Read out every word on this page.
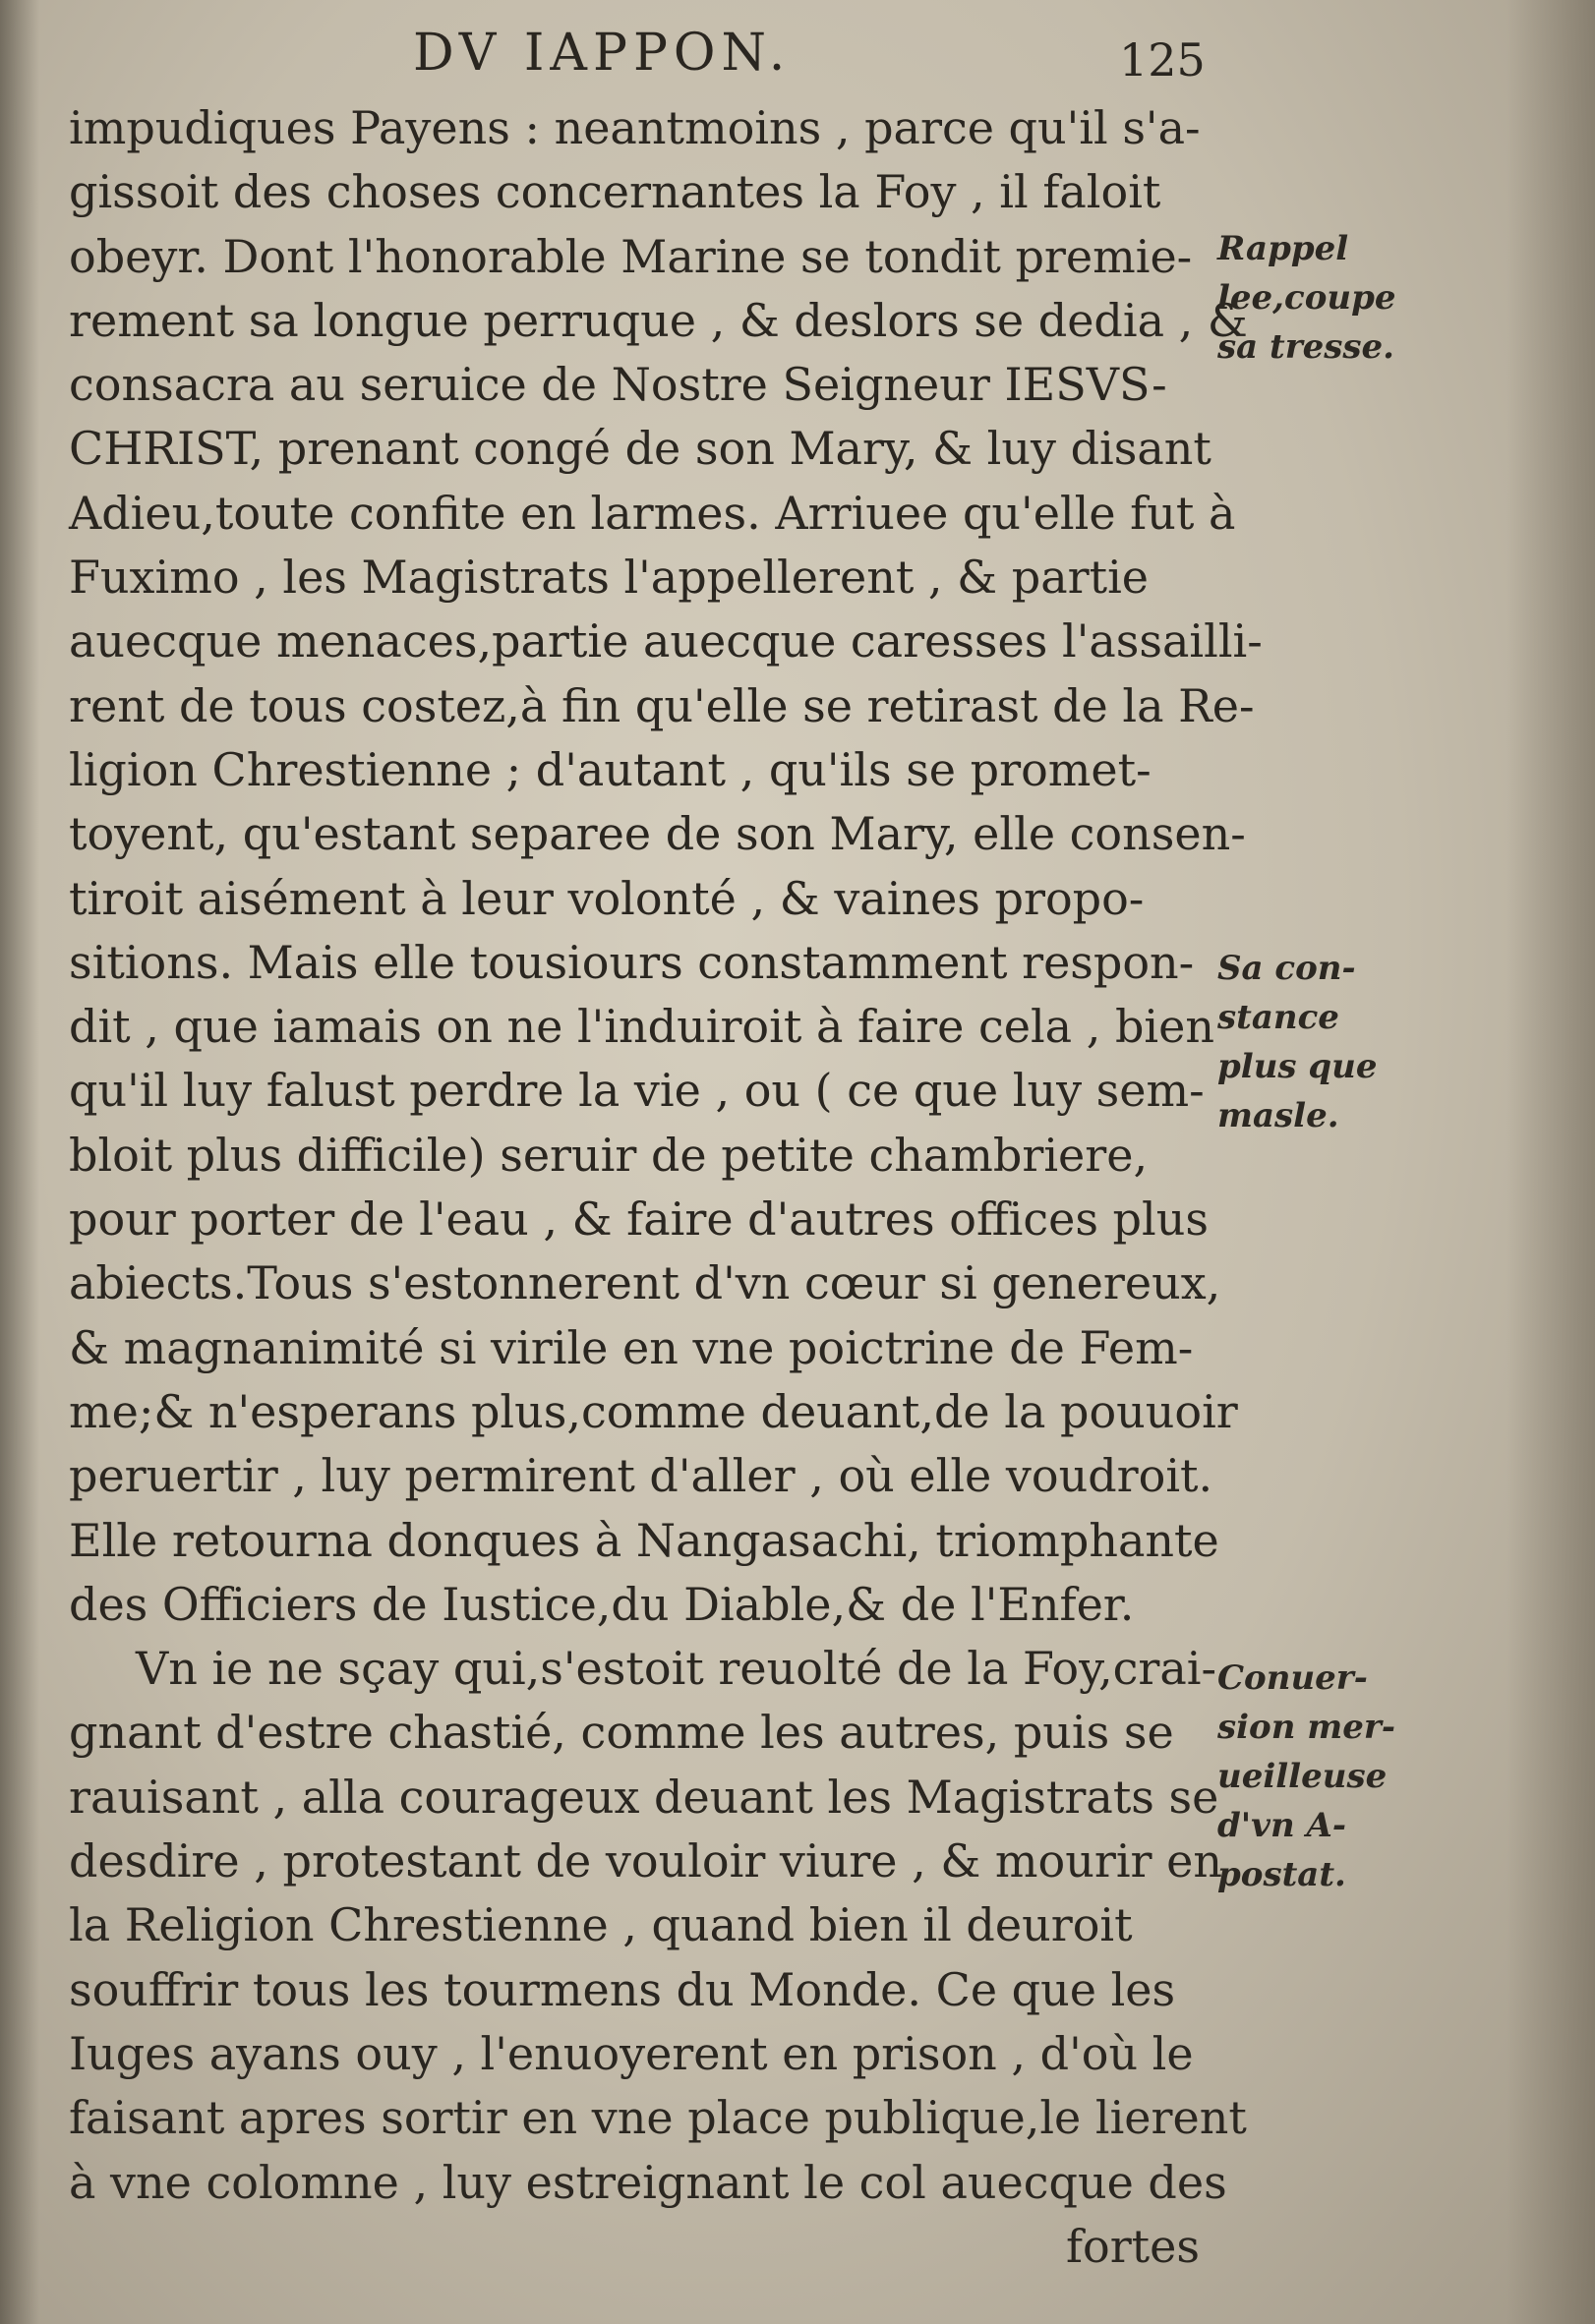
DV IAPPON.	125
impudiques Payens : neantmoins , parce qu'il s'a-
gissoit des choses concernantes la Foy , il faloit
obeyr. Dont l'honorable Marine se tondit premie-
rement sa longue perruque , & deslors se dedia , &
consacra au seruice de Nostre Seigneur IESVS-
CHRIST, prenant congé de son Mary, & luy disant
Adieu,toute confite en larmes. Arriuee qu'elle fut à
Fuximo , les Magistrats l'appellerent , & partie
auecque menaces,partie auecque caresses l'assailli-
rent de tous costez,à fin qu'elle se retirast de la Re-
ligion Chrestienne ; d'autant , qu'ils se promet-
toyent, qu'estant separee de son Mary, elle consen-
tiroit aisément à leur volonté , & vaines propo-
sitions. Mais elle tousiours constamment respon-
dit , que iamais on ne l'induiroit à faire cela , bien
qu'il luy falust perdre la vie , ou ( ce que luy sem-
bloit plus difficile) seruir de petite chambriere,
pour porter de l'eau , & faire d'autres offices plus
abiects.Tous s'estonnerent d'vn cœur si genereux,
& magnanimité si virile en vne poictrine de Fem-
me;& n'esperans plus,comme deuant,de la pouuoir
peruertir , luy permirent d'aller , où elle voudroit.
Elle retourna donques à Nangasachi, triomphante
des Officiers de Iustice,du Diable,& de l'Enfer.
Vn ie ne sçay qui,s'estoit reuolté de la Foy,crai-
gnant d'estre chastié, comme les autres, puis se
rauisant , alla courageux deuant les Magistrats se
desdire , protestant de vouloir viure , & mourir en
la Religion Chrestienne , quand bien il deuroit
souffrir tous les tourmens du Monde. Ce que les
Iuges ayans ouy , l'enuoyerent en prison , d'où le
faisant apres sortir en vne place publique,le lierent
à vne colomne , luy estreignant le col auecque des
fortes
Rappel
lee,coupe
sa tresse.
Sa con-
stance
plus que
masle.
Conuer-
sion mer-
ueilleuse
d'vn A-
postat.
